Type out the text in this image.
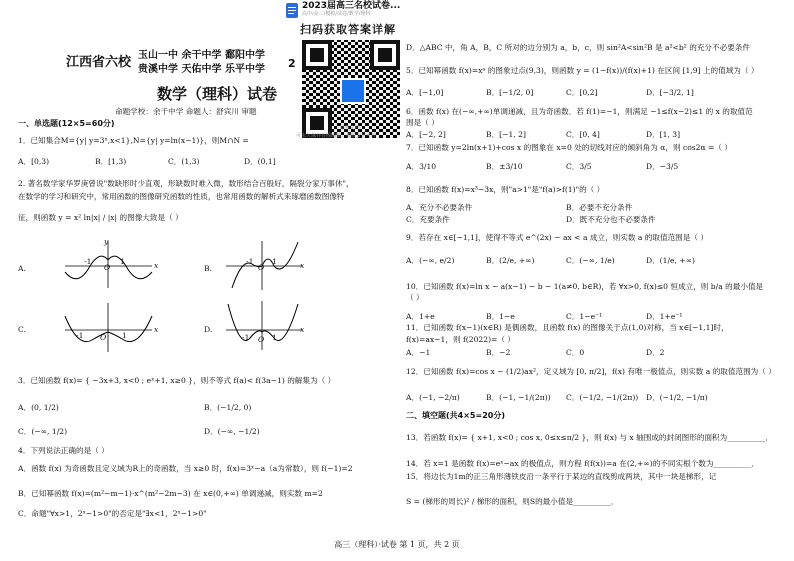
2023届高三名校试卷...
高中/高三/模拟/试卷/数学/理科
扫码获取答案详解
·原创文档·
可永久保存在线编辑、模版安全可控
江西省六校 玉山一中 余干中学 鄱阳中学
贵溪中学 天佑中学 乐平中学 2
数学（理科）试卷
命题学校：余干中学 命题人：舒宾川 审题
一、单选题(12×5=60分)
1．已知集合M={y| y=3ˣ,x<1},N={y| y=ln(x−1)}，则M∩N =
A．[0,3)	B．[1,3)	C．(1,3)	D．(0,1]
2. 著名数学家华罗庚曾说"数缺形时少直观，形缺数时难入微，数形结合百般好，隔裂分家万事休"，
在数学的学习和研究中，常用函数的图像研究函数的性质，也常用函数的解析式来琢磨函数图像特
征，则函数 y = x² ln|x| / |x| 的图像大致是（ ）
A.	x
y
-1
O
1
B.	x
-1
O
1
C.	x
-1 O 1
D.	x
-1 O 1
3．已知函数 f(x)= { −3x+3, x<0 ; eˣ+1, x≥0 }，则不等式 f(a)< f(3a−1) 的解集为（ ）
A．(0, 1/2)	B．(−1/2, 0)
C．(−∞, 1/2)	D．(−∞, −1/2)
4．下列说法正确的是（ ）
A．函数 f(x) 为奇函数且定义域为R上的奇函数，当 x≥0 时，f(x)=3ˣ−a（a为常数），则 f(−1)=2
B．已知幂函数 f(x)=(m²−m−1)·x^(m²−2m−3) 在 x∈(0,+∞) 单调递减，则实数 m=2
C．命题"∀x>1，2ˣ−1>0"的否定是"∃x<1，2ˣ−1>0"
D．△ABC 中，角 A，B，C 所对的边分别为 a，b，c，则 sin²A<sin²B 是 a²<b² 的充分不必要条件
5．已知幂函数 f(x)=xᵃ 的图象过点(9,3)，则函数 y = (1−f(x))/(f(x)+1) 在区间 [1,9] 上的值域为（ ）
A．[−1,0]	B．[−1/2, 0]	C．[0,2]	D．[−3/2, 1]
6．函数 f(x) 在(−∞,+∞)单调递减，且为奇函数．若 f(1)=−1，则满足 −1≤f(x−2)≤1 的 x 的取值范
围是（ ）
A．[−2, 2]	B．[−1, 2]	C．[0, 4]	D．[1, 3]
7．已知函数 y=2ln(x+1)+cos x 的图象在 x=0 处的切线对应的倾斜角为 α，则 cos2α =（ ）
A．3/10	B．±3/10	C．3/5	D．−3/5
8．已知函数 f(x)=x³−3x，则"a>1"是"f(a)>f(1)"的（ ）
A．充分不必要条件	B．必要不充分条件
C．充要条件	D．既不充分也不必要条件
9．若存在 x∈[−1,1]，使得不等式 e^(2x) − ax < a 成立，则实数 a 的取值范围是（ ）
A．(−∞, e/2)	B．(2/e, +∞)	C．(−∞, 1/e)	D．(1/e, +∞)
10．已知函数 f(x)=ln x − a(x−1) − b − 1(a≠0, b∈R)，若 ∀x>0, f(x)≤0 恒成立，则 b/a 的最小值是
（ ）
A．1+e	B．1−e	C．1−e⁻¹	D．1+e⁻¹
11．已知函数 f(x−1)(x∈R) 是偶函数，且函数 f(x) 的图像关于点(1,0)对称，当 x∈[−1,1]时，
f(x)=ax−1，则 f(2022)=（ ）
A．−1	B．−2	C．0	D．2
12．已知函数 f(x)=cos x − (1/2)ax²，定义域为 [0, π/2]，f(x) 有唯一极值点，则实数 a 的取值范围为（ ）
A．(−1, −2/π)	B．(−1, −1/(2π)) C．(−1/2, −1/(2π)) D．(−1/2, −1/π)
二、填空题(共4×5=20分)
13．若函数 f(x)= { x+1, x<0 ; cos x, 0≤x≤π/2 }，则 f(x) 与 x 轴围成的封闭图形的面积为__________．
14．若 x=1 是函数 f(x)=eˣ−ax 的极值点，则方程 f(f(x))=a 在(2,+∞)的不同实根个数为__________．
15．将边长为1m的正三角形薄铁皮沿一条平行于某边的直线剪成两块，其中一块是梯形，记
S = (梯形的周长)² / 梯形的面积，则S的最小值是__________．
高三（理科）·试卷 第 1 页，共 2 页
